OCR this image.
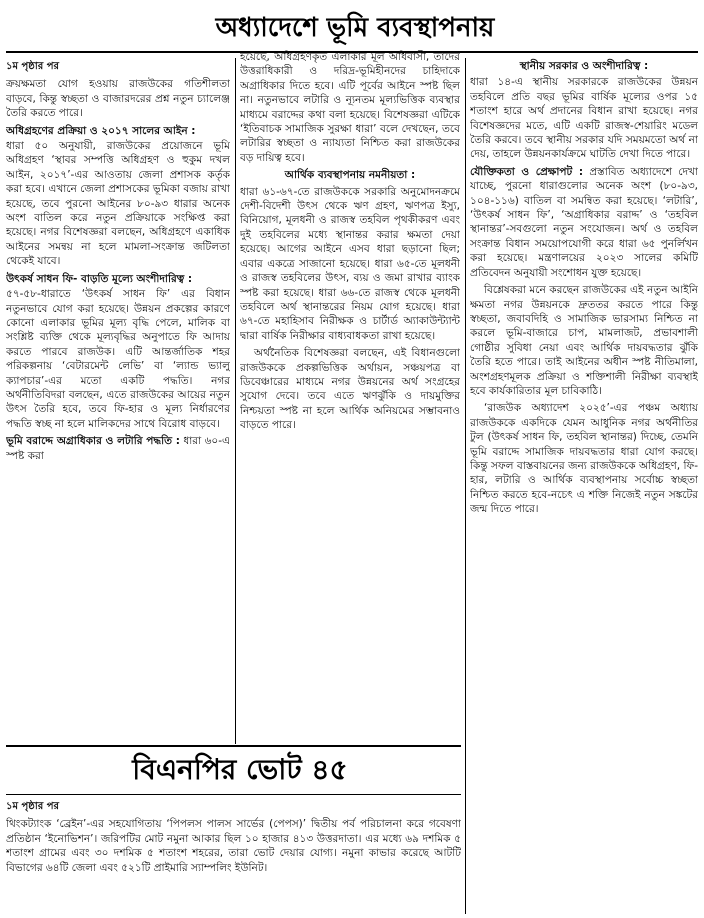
অধ্যাদেশে ভূমি ব্যবস্থাপনায়
১ম পৃষ্ঠার পর

ক্রয়ক্ষমতা যোগ হওয়ায় রাজউকের গতিশীলতা বাড়বে, কিন্তু স্বচ্ছতা ও বাজারদরের প্রশ্ন নতুন চ্যালেঞ্জ তৈরি করতে পারে।

অধিগ্রহণের প্রক্রিয়া ও ২০১৭ সালের আইন :

ধারা ৫০ অনুযায়ী, রাজউকের প্রয়োজনে ভূমি অধিগ্রহণ ‘স্থাবর সম্পত্তি অধিগ্রহণ ও হুকুম দখল আইন, ২০১৭’-এর আওতায় জেলা প্রশাসক কর্তৃক করা হবে। এখানে জেলা প্রশাসকের ভূমিকা বজায় রাখা হয়েছে, তবে পুরনো আইনের ৮০-৯৩ ধারার অনেক অংশ বাতিল করে নতুন প্রক্রিয়াকে সংক্ষিপ্ত করা হয়েছে। নগর বিশেষজ্ঞরা বলছেন, অধিগ্রহণে একাধিক আইনের সমন্বয় না হলে মামলা-সংক্রান্ত জটিলতা থেকেই যাবে।

উৎকর্ষ সাধন ফি- বাড়তি মূল্যে অংশীদারিত্ব :

৫৭-৫৮-ধারাতে ‘উৎকর্ষ সাধন ফি’ এর বিধান নতুনভাবে যোগ করা হয়েছে। উন্নয়ন প্রকল্পের কারণে কোনো এলাকার ভূমির মূল্য বৃদ্ধি পেলে, মালিক বা সংশ্লিষ্ট ব্যক্তি থেকে মূল্যবৃদ্ধির অনুপাতে ফি আদায় করতে পারবে রাজউক। এটি আন্তর্জাতিক শহর পরিকল্পনায় ‘বেটারমেন্ট লেভি’ বা ‘ল্যান্ড ভ্যালু ক্যাপচার’-এর মতো একটি পদ্ধতি। নগর অর্থনীতিবিদরা বলছেন, এতে রাজউকের আয়ের নতুন উৎস তৈরি হবে, তবে ফি-হার ও মূল্য নির্ধারণের পদ্ধতি স্বচ্ছ না হলে মালিকদের সাথে বিরোধ বাড়বে।

ভূমি বরাদ্দে অগ্রাধিকার ও লটারি পদ্ধতি : ধারা ৬০-এ স্পষ্ট করা

হয়েছে, অধিগ্রহণকৃত এলাকার মূল অধিবাসী, তাদের উত্তরাধিকারী ও দরিদ্র-ভূমিহীনদের চাহিদাকে অগ্রাধিকার দিতে হবে। এটি পূর্বের আইনে স্পষ্ট ছিল না। নতুনভাবে লটারি ও ন্যূনতম মূল্যভিত্তিক ব্যবস্থার মাধ্যমে বরাদ্দের কথা বলা হয়েছে। বিশেষজ্ঞরা এটিকে ‘ইতিবাচক সামাজিক সুরক্ষা ধারা’ বলে দেখছেন, তবে লটারির স্বচ্ছতা ও ন্যায্যতা নিশ্চিত করা রাজউকের বড় দায়িত্ব হবে।

আর্থিক ব্যবস্থাপনায় নমনীয়তা :

ধারা ৬১-৬৭-তে রাজউককে সরকারি অনুমোদনক্রমে দেশী-বিদেশী উৎস থেকে ঋণ গ্রহণ, ঋণপত্র ইস্যু, বিনিয়োগ, মূলধনী ও রাজস্ব তহবিল পৃথকীকরণ এবং দুই তহবিলের মধ্যে স্থানান্তর করার ক্ষমতা দেয়া হয়েছে। আগের আইনে এসব ধারা ছড়ানো ছিল; এবার একত্রে সাজানো হয়েছে। ধারা ৬৫-তে মূলধনী ও রাজস্ব তহবিলের উৎস, ব্যয় ও জমা রাখার ব্যাংক স্পষ্ট করা হয়েছে। ধারা ৬৬-তে রাজস্ব থেকে মূলধনী তহবিলে অর্থ স্থানান্তরের নিয়ম যোগ হয়েছে। ধারা ৬৭-তে মহাহিসাব নিরীক্ষক ও চার্টার্ড অ্যাকাউন্ট্যান্ট দ্বারা বার্ষিক নিরীক্ষার বাধ্যবাধকতা রাখা হয়েছে।

অর্থনৈতিক বিশেষজ্ঞরা বলছেন, এই বিধানগুলো রাজউককে প্রকল্পভিত্তিক অর্থায়ন, সঞ্চয়পত্র বা ডিবেঞ্চারের মাধ্যমে নগর উন্নয়নের অর্থ সংগ্রহের সুযোগ দেবে। তবে এতে ঋণঝুঁকি ও দায়মুক্তির নিশ্চয়তা স্পষ্ট না হলে আর্থিক অনিয়মের সম্ভাবনাও বাড়তে পারে।

স্থানীয় সরকার ও অংশীদারিত্ব :

ধারা ১৪-এ স্থানীয় সরকারকে রাজউকের উন্নয়ন তহবিলে প্রতি বছর ভূমির বার্ষিক মূল্যের ওপর ১৫ শতাংশ হারে অর্থ প্রদানের বিধান রাখা হয়েছে। নগর বিশেষজ্ঞদের মতে, এটি একটি রাজস্ব-শেয়ারিং মডেল তৈরি করবে। তবে স্থানীয় সরকার যদি সময়মতো অর্থ না দেয়, তাহলে উন্নয়নকার্যক্রমে ঘাটতি দেখা দিতে পারে।

যৌক্তিকতা ও প্রেক্ষাপট : প্রস্তাবিত অধ্যাদেশে দেখা যাচ্ছে, পুরনো ধারাগুলোর অনেক অংশ (৮০-৯৩, ১০৪-১১৬) বাতিল বা সমন্বিত করা হয়েছে। ‘লটারি’, ‘উৎকর্ষ সাধন ফি’, ‘অগ্রাধিকার বরাদ্দ’ ও ‘তহবিল স্থানান্তর’-সবগুলো নতুন সংযোজন। অর্থ ও তহবিল সংক্রান্ত বিধান সময়োপযোগী করে ধারা ৬৫ পুনর্লিখন করা হয়েছে। মন্ত্রণালয়ের ২০২৩ সালের কমিটি প্রতিবেদন অনুযায়ী সংশোধন যুক্ত হয়েছে।

বিশ্লেষকরা মনে করছেন রাজউকের এই নতুন আইনি ক্ষমতা নগর উন্নয়নকে দ্রুততর করতে পারে কিন্তু স্বচ্ছতা, জবাবদিহি ও সামাজিক ভারসাম্য নিশ্চিত না করলে ভূমি-বাজারে চাপ, মামলাজট, প্রভাবশালী গোষ্ঠীর সুবিধা নেয়া এবং আর্থিক দায়বদ্ধতার ঝুঁকি তৈরি হতে পারে। তাই আইনের অধীন স্পষ্ট নীতিমালা, অংশগ্রহণমূলক প্রক্রিয়া ও শক্তিশালী নিরীক্ষা ব্যবস্থাই হবে কার্যকারিতার মূল চাবিকাঠি।

‘রাজউক অধ্যাদেশ ২০২৫’-এর পঞ্চম অধ্যায় রাজউককে একদিকে যেমন আধুনিক নগর অর্থনীতির টুল (উৎকর্ষ সাধন ফি, তহবিল স্থানান্তর) দিচ্ছে, তেমনি ভূমি বরাদ্দে সামাজিক দায়বদ্ধতার ধারা যোগ করছে। কিন্তু সফল বাস্তবায়নের জন্য রাজউককে অধিগ্রহণ, ফি-হার, লটারি ও আর্থিক ব্যবস্থাপনায় সর্বোচ্চ স্বচ্ছতা নিশ্চিত করতে হবে-নচেৎ এ শক্তি নিজেই নতুন সঙ্কটের জন্ম দিতে পারে।

বিএনপির ভোট ৪৫
১ম পৃষ্ঠার পর

থিংকট্যাংক ‘ব্রেইন’-এর সহযোগিতায় ‘পিপলস পালস সার্ভের (পেপস)’ দ্বিতীয় পর্ব পরিচালনা করে গবেষণা প্রতিষ্ঠান ‘ইনোভিশন’। জরিপটির মোট নমুনা আকার ছিল ১০ হাজার ৪১৩ উত্তরদাতা। এর মধ্যে ৬৯ দশমিক ৫ শতাংশ গ্রামের এবং ৩০ দশমিক ৫ শতাংশ শহরের, তারা ভোট দেয়ার যোগ্য। নমুনা কাভার করেছে আটটি বিভাগের ৬৪টি জেলা এবং ৫২১টি প্রাইমারি স্যাম্পলিং ইউনিট।
